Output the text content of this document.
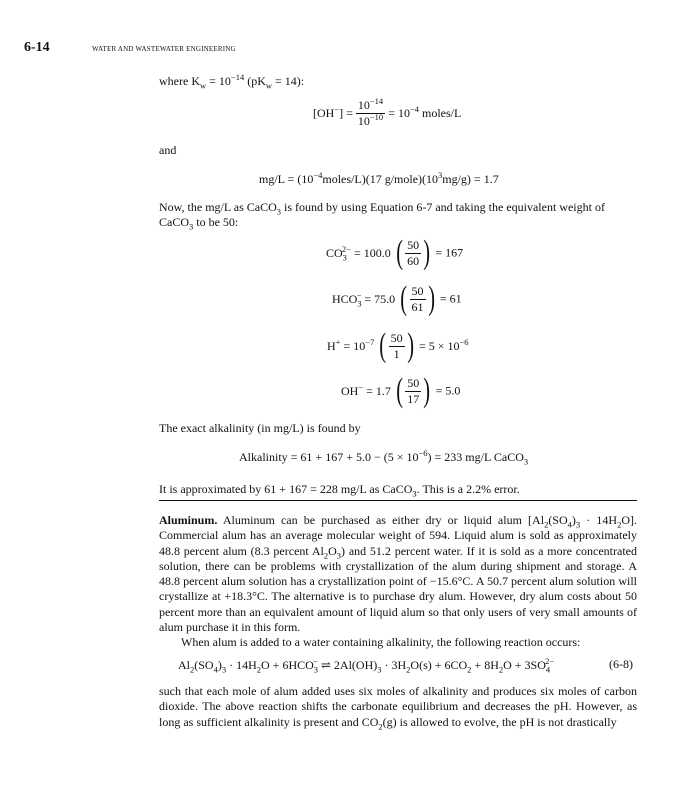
6-14	WATER AND WASTEWATER ENGINEERING
where $K_w = 10^{-14}$ $(pK_w = 14)$:
$[OH^-] = \frac{10^{-14}}{10^{-10}} = 10^{-4}$ moles/L
and
$mg/L = (10^{-4}moles/L)(17$ $g/mole)(10^3mg/g) = 1.7$
Now, the mg/L as CaCO$_3$ is found by using Equation 6-7 and taking the equivalent weight of
CaCO$_3$ to be 50:
$CO_3^{2-} = 100.0$ ( $\frac{50}{60}$ ) = 167
$HCO_3^- = 75.0$ ( $\frac{50}{61}$ ) = 61
$H^+ = 10^{-7}$ ( $\frac{50}{1}$ ) = $5 \times 10^{-6}$
OH− = 1.7 ( $\frac{50}{17}$ ) = 5.0
The exact alkalinity (in mg/L) is found by
Alkalinity = $61 + 167 + 5.0 - (5 \times 10^{-6}) = 233$ mg/L CaCO$_3$
It is approximated by 61 + 167 = 228 mg/L as CaCO$_3$. This is a 2.2% error.

Aluminum. Aluminum can be purchased as either dry or liquid alum $[Al_2(SO_4)_3 \cdot 14H_2O]$. Commercial alum has an average molecular weight of 594. Liquid alum is sold as approximately 48.8 percent alum (8.3 percent $Al_2O_3$) and 51.2 percent water. If it is sold as a more concentrated solution, there can be problems with crystallization of the alum during shipment and storage. A 48.8 percent alum solution has a crystallization point of −15.6°C. A 50.7 percent alum solution will crystallize at +18.3°C. The alternative is to purchase dry alum. However, dry alum costs about 50 percent more than an equivalent amount of liquid alum so that only users of very small amounts of alum purchase it in this form.

When alum is added to a water containing alkalinity, the following reaction occurs:

$Al_2(SO_4)_3 \cdot 14H_2O + 6HCO_3^-$ ⇌ $2Al(OH)_3 \cdot 3H_2O(s) + 6CO_2 + 8H_2O + 3SO_4^{2-}$	(6-8)

such that each mole of alum added uses six moles of alkalinity and produces six moles of carbon dioxide. The above reaction shifts the carbonate equilibrium and decreases the pH. However, as long as sufficient alkalinity is present and $CO_2(g)$ is allowed to evolve, the pH is not drastically
